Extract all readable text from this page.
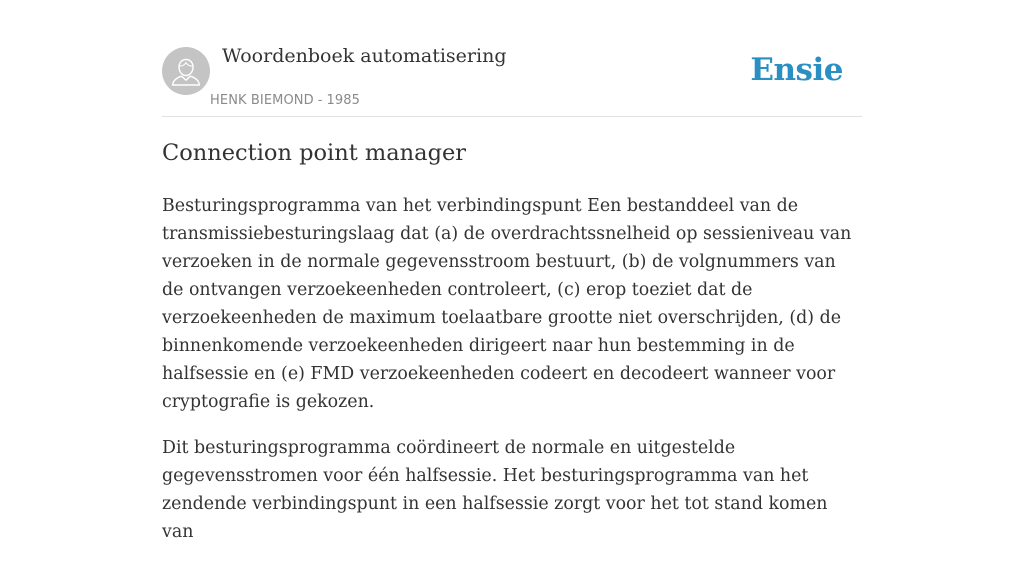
Woordenboek automatisering
HENK BIEMOND - 1985
Ensie
Connection point manager

Besturingsprogramma van het verbindingspunt Een bestanddeel van de transmissiebesturingslaag dat (a) de overdrachtssnelheid op sessieniveau van verzoeken in de normale gegevensstroom bestuurt, (b) de volgnummers van de ontvangen verzoekeenheden controleert, (c) erop toeziet dat de verzoekeenheden de maximum toelaatbare grootte niet overschrijden, (d) de binnenkomende verzoekeenheden dirigeert naar hun bestemming in de halfsessie en (e) FMD verzoekeenheden codeert en decodeert wanneer voor cryptografie is gekozen.

Dit besturingsprogramma coördineert de normale en uitgestelde gegevensstromen voor één halfsessie. Het besturingsprogramma van het zendende verbindingspunt in een halfsessie zorgt voor het tot stand komen van
